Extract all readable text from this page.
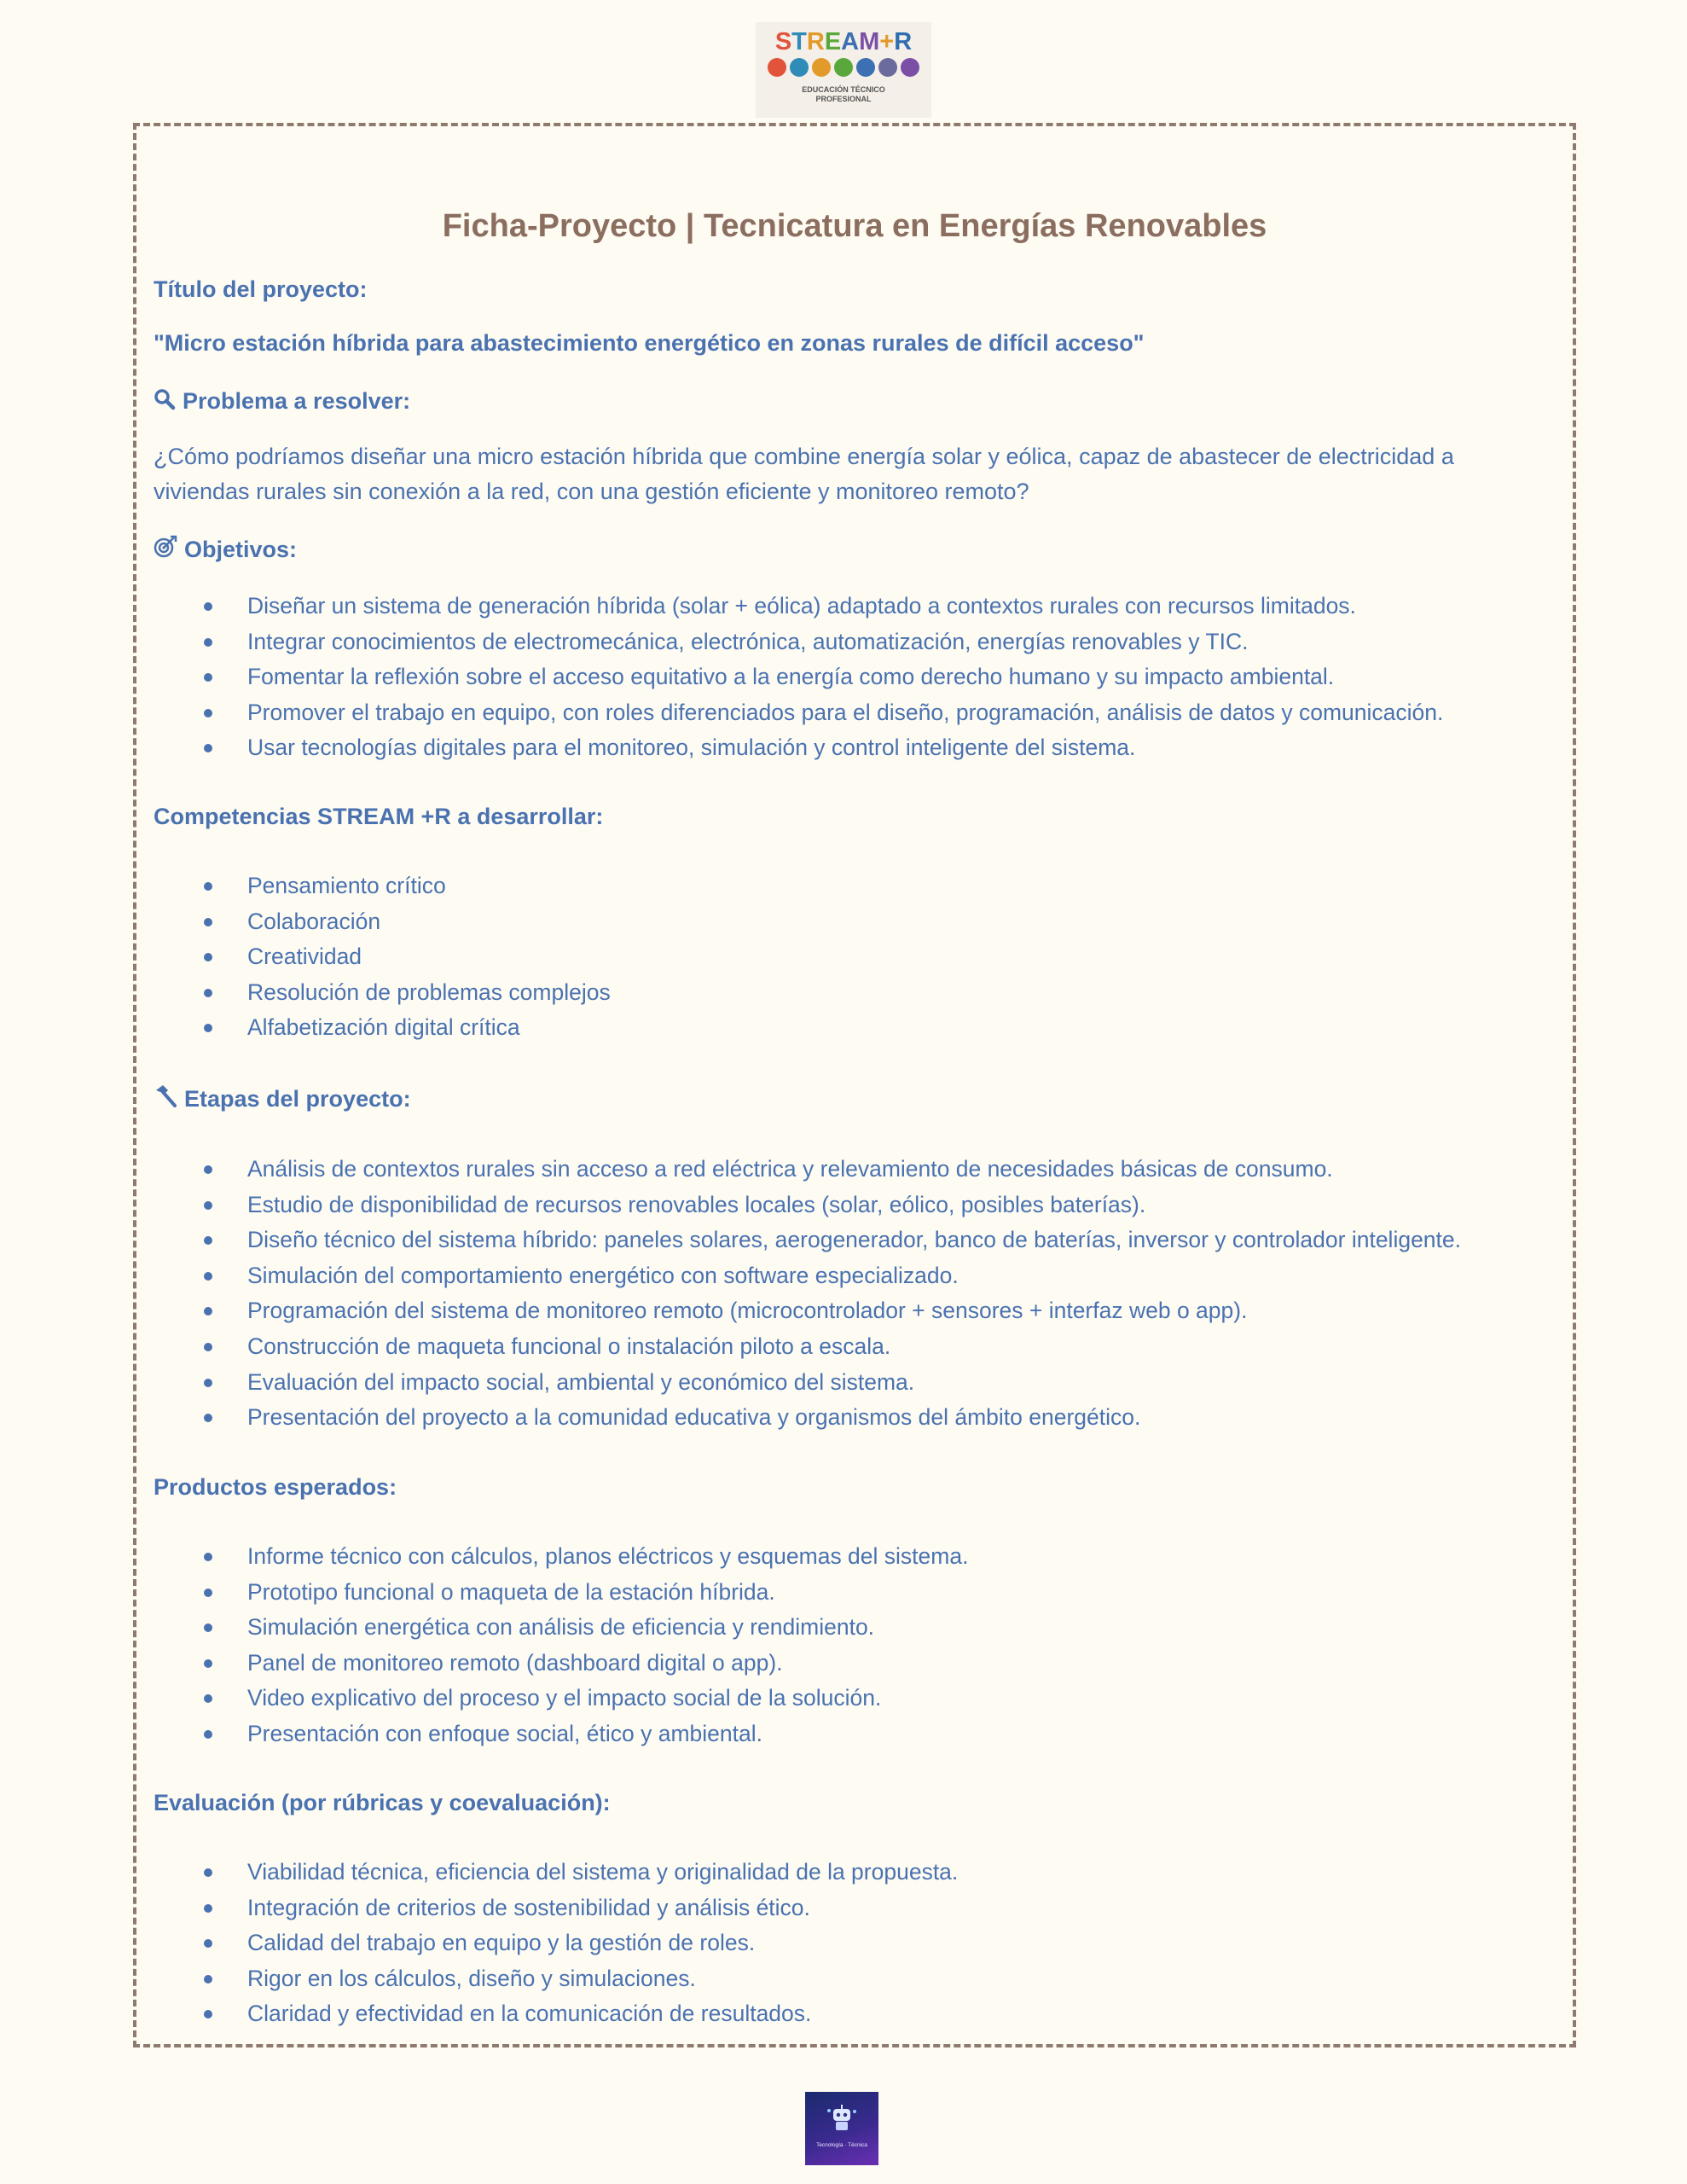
STREAM+R
EDUCACIÓN TÉCNICO
PROFESIONAL
Ficha-Proyecto | Tecnicatura en Energías Renovables
Título del proyecto:
"Micro estación híbrida para abastecimiento energético en zonas rurales de difícil acceso"
Problema a resolver:

¿Cómo podríamos diseñar una micro estación híbrida que combine energía solar y eólica, capaz de abastecer de electricidad a viviendas rurales sin conexión a la red, con una gestión eficiente y monitoreo remoto?

Objetivos:
Diseñar un sistema de generación híbrida (solar + eólica) adaptado a contextos rurales con recursos limitados.
Integrar conocimientos de electromecánica, electrónica, automatización, energías renovables y TIC.
Fomentar la reflexión sobre el acceso equitativo a la energía como derecho humano y su impacto ambiental.
Promover el trabajo en equipo, con roles diferenciados para el diseño, programación, análisis de datos y comunicación.
Usar tecnologías digitales para el monitoreo, simulación y control inteligente del sistema.
Competencias STREAM +R a desarrollar:
Pensamiento crítico
Colaboración
Creatividad
Resolución de problemas complejos
Alfabetización digital crítica
Etapas del proyecto:
Análisis de contextos rurales sin acceso a red eléctrica y relevamiento de necesidades básicas de consumo.
Estudio de disponibilidad de recursos renovables locales (solar, eólico, posibles baterías).
Diseño técnico del sistema híbrido: paneles solares, aerogenerador, banco de baterías, inversor y controlador inteligente.
Simulación del comportamiento energético con software especializado.
Programación del sistema de monitoreo remoto (microcontrolador + sensores + interfaz web o app).
Construcción de maqueta funcional o instalación piloto a escala.
Evaluación del impacto social, ambiental y económico del sistema.
Presentación del proyecto a la comunidad educativa y organismos del ámbito energético.
Productos esperados:
Informe técnico con cálculos, planos eléctricos y esquemas del sistema.
Prototipo funcional o maqueta de la estación híbrida.
Simulación energética con análisis de eficiencia y rendimiento.
Panel de monitoreo remoto (dashboard digital o app).
Video explicativo del proceso y el impacto social de la solución.
Presentación con enfoque social, ético y ambiental.
Evaluación (por rúbricas y coevaluación):
Viabilidad técnica, eficiencia del sistema y originalidad de la propuesta.
Integración de criterios de sostenibilidad y análisis ético.
Calidad del trabajo en equipo y la gestión de roles.
Rigor en los cálculos, diseño y simulaciones.
Claridad y efectividad en la comunicación de resultados.
Tecnología · Técnica
